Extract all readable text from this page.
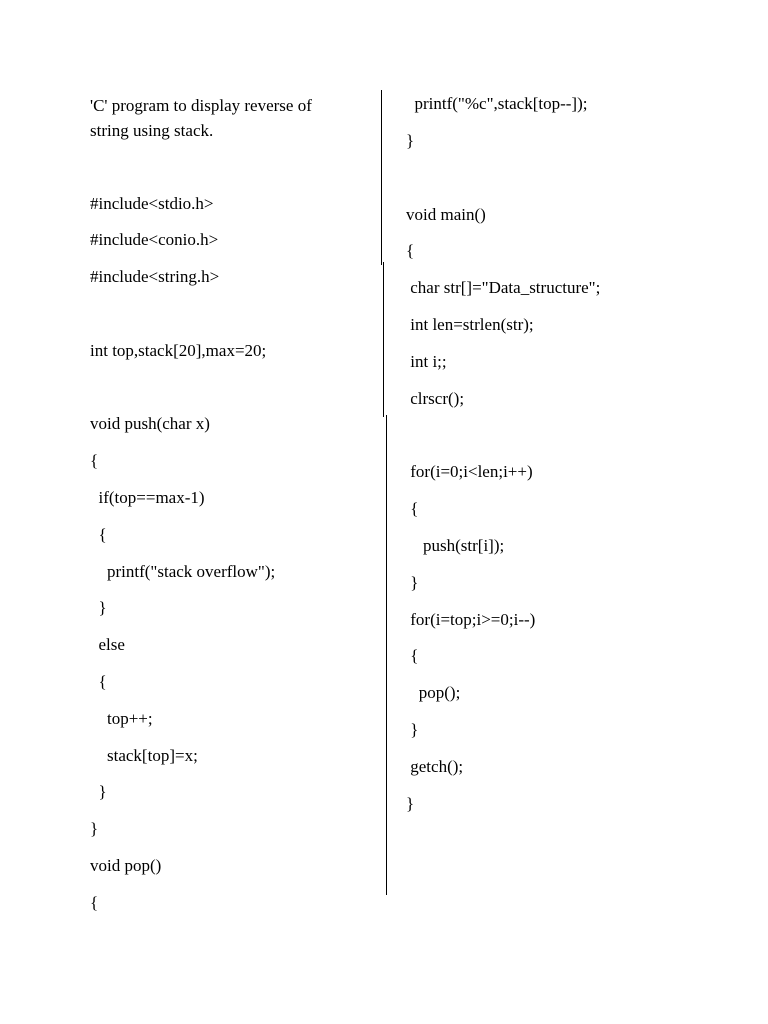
'C' program to display reverse of string using stack.
#include<stdio.h>
#include<conio.h>
#include<string.h>
int top,stack[20],max=20;
void push(char x)
{
if(top==max-1)
{
printf("stack overflow");
}
else
{
top++;
stack[top]=x;
}
}
void pop()
{
printf("%c",stack[top--]);
}
void main()
{
char str[]="Data_structure";
int len=strlen(str);
int i;;
clrscr();
for(i=0;i<len;i++)
{
push(str[i]);
}
for(i=top;i>=0;i--)
{
pop();
}
getch();
}
